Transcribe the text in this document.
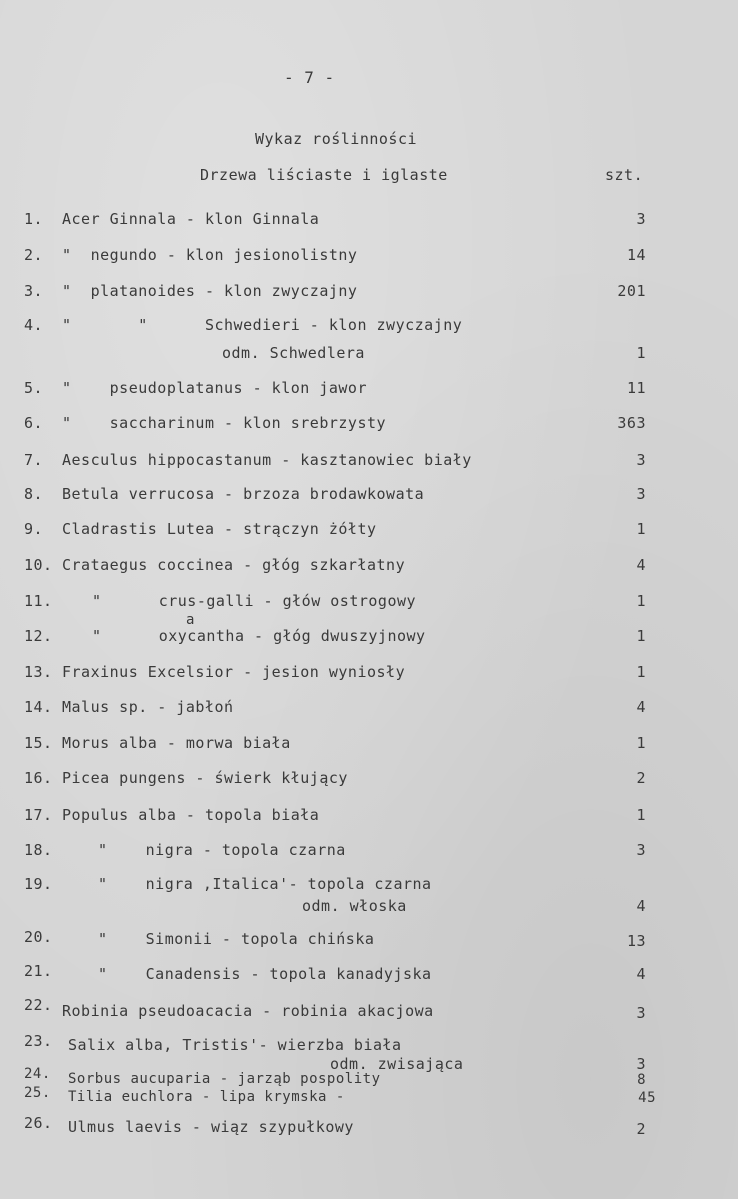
- 7 -
Wykaz roślinności
Drzewa liściaste i iglaste	szt.
1. Acer Ginnala - klon Ginnala	3
2. "  negundo - klon jesionolistny	14
3. "  platanoides - klon zwyczajny	201
4. "       "      Schwedieri - klon zwyczajny
odm. Schwedlera	1
5. "    pseudoplatanus - klon jawor	11
6. "    saccharinum - klon srebrzysty	363
7. Aesculus hippocastanum - kasztanowiec biały	3
8. Betula verrucosa - brzoza brodawkowata	3
9. Cladrastis Lutea - strączyn żółty	1
10. Crataegus coccinea - głóg szkarłatny	4
11.	"      crus-galli - głów ostrogowy	1
a
12.	"      oxycantha - głóg dwuszyjnowy	1
13. Fraxinus Excelsior - jesion wyniosły	1
14. Malus sp. - jabłoń	4
15. Morus alba - morwa biała	1
16. Picea pungens - świerk kłujący	2
17. Populus alba - topola biała	1
18.	"    nigra - topola czarna	3
19.	"    nigra ,Italica'- topola czarna
odm. włoska	4
20.	"    Simonii - topola chińska	13
21.	"    Canadensis - topola kanadyjska	4
22. Robinia pseudoacacia - robinia akacjowa	3
23. Salix alba, Tristis'- wierzba biała
odm. zwisająca	3
24. Sorbus aucuparia - jarząb pospolity	8
25. Tilia euchlora - lipa krymska -	45
26. Ulmus laevis - wiąz szypułkowy	2
